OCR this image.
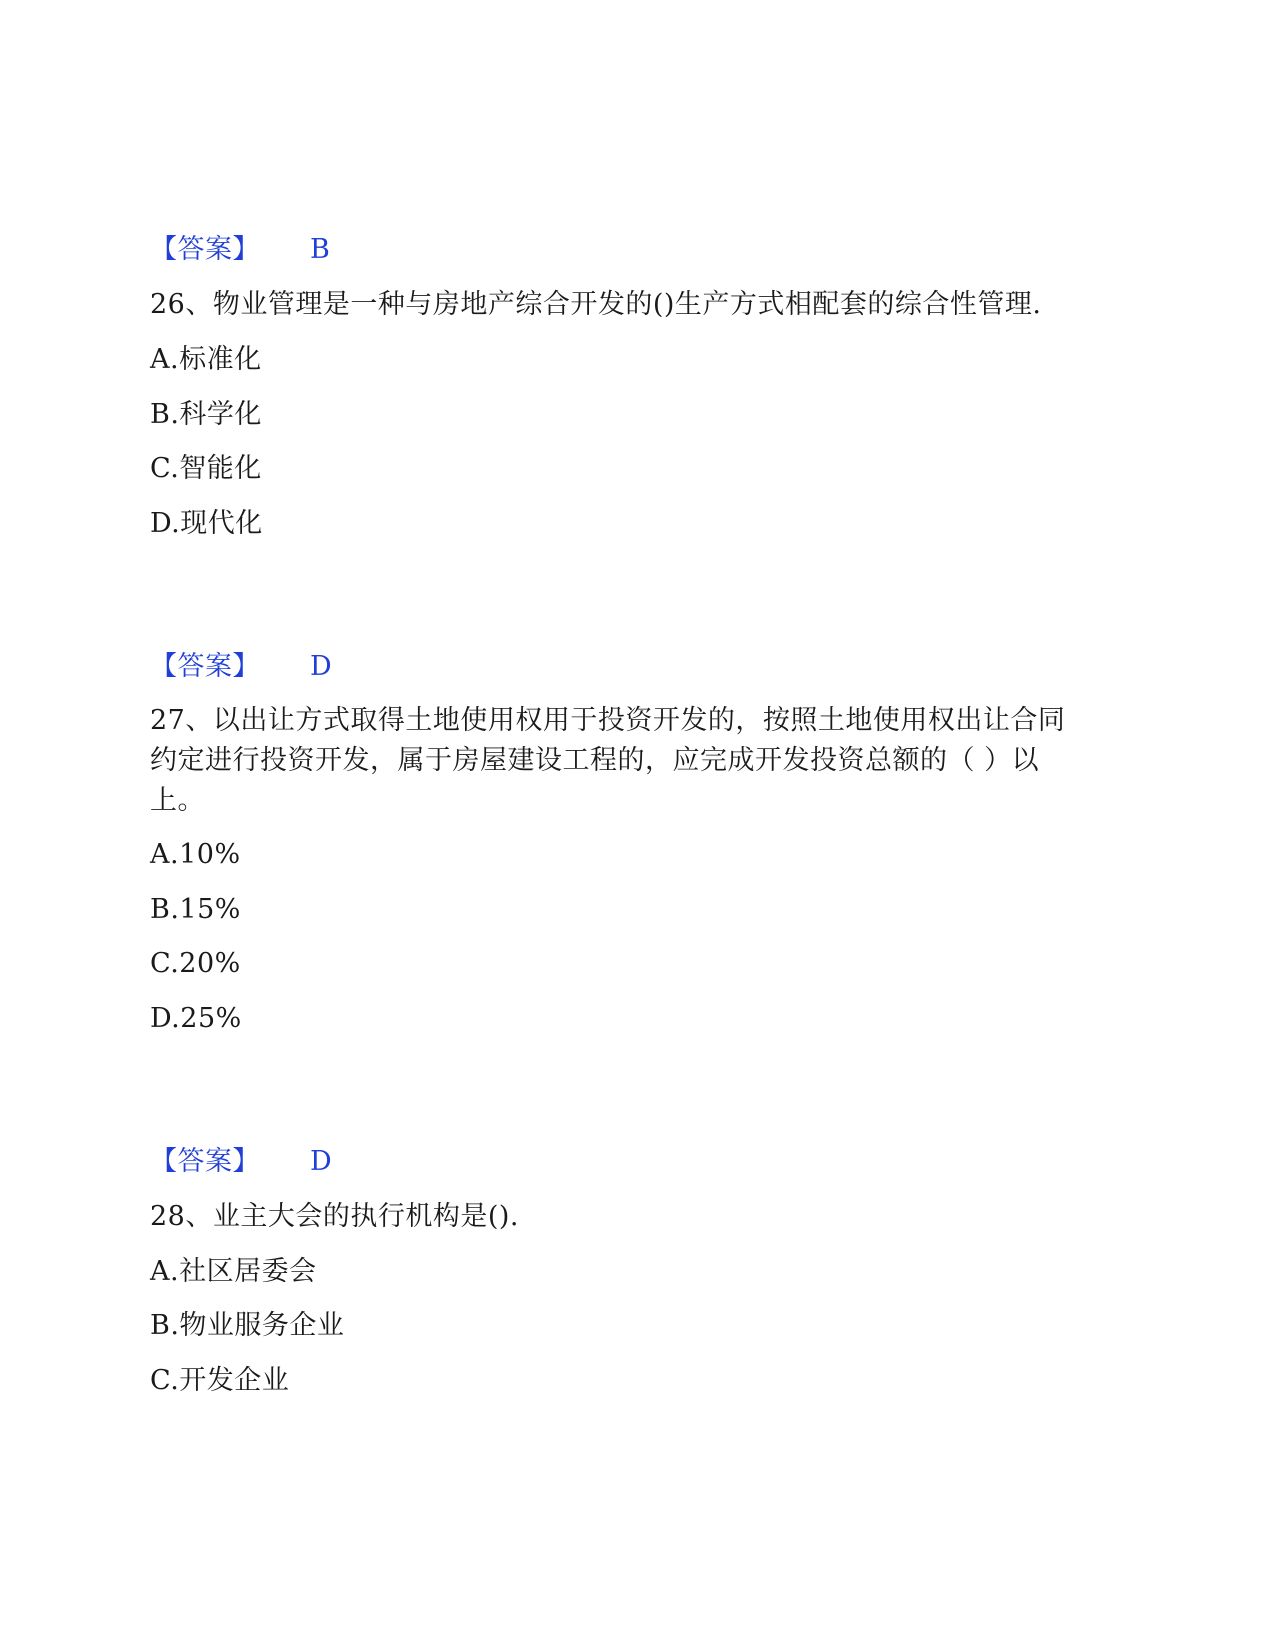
【答案】 B
26、物业管理是一种与房地产综合开发的()生产方式相配套的综合性管理.
A.标准化
B.科学化
C.智能化
D.现代化
【答案】 D
27、以出让方式取得土地使用权用于投资开发的，按照土地使用权出让合同
约定进行投资开发，属于房屋建设工程的，应完成开发投资总额的（ ）以
上。
A.10%
B.15%
C.20%
D.25%
【答案】 D
28、业主大会的执行机构是().
A.社区居委会
B.物业服务企业
C.开发企业
